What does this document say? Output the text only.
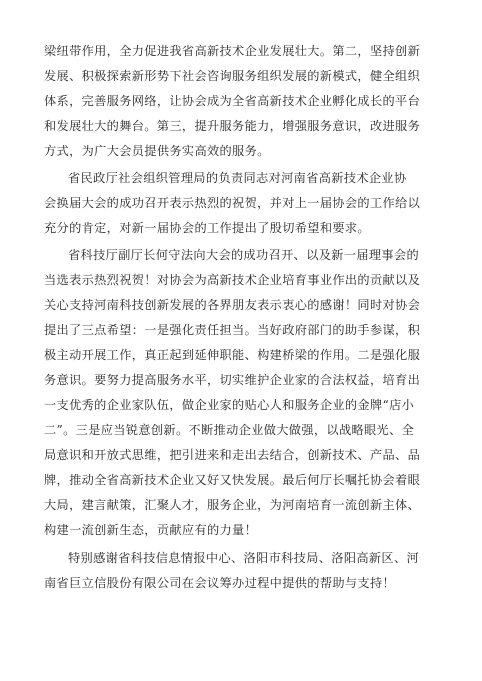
梁纽带作用，全力促进我省高新技术企业发展壮大。第二，坚持创新

发展、积极探索新形势下社会咨询服务组织发展的新模式，健全组织

体系，完善服务网络，让协会成为全省高新技术企业孵化成长的平台

和发展壮大的舞台。第三，提升服务能力，增强服务意识，改进服务

方式，为广大会员提供务实高效的服务。

省民政厅社会组织管理局的负责同志对河南省高新技术企业协

会换届大会的成功召开表示热烈的祝贺，并对上一届协会的工作给以

充分的肯定，对新一届协会的工作提出了殷切希望和要求。

省科技厅副厅长何守法向大会的成功召开、以及新一届理事会的

当选表示热烈祝贺！对协会为高新技术企业培育事业作出的贡献以及

关心支持河南科技创新发展的各界朋友表示衷心的感谢！同时对协会

提出了三点希望：一是强化责任担当。当好政府部门的助手参谋，积

极主动开展工作，真正起到延伸职能、构建桥梁的作用。二是强化服

务意识。要努力提高服务水平，切实维护企业家的合法权益，培育出

一支优秀的企业家队伍，做企业家的贴心人和服务企业的金牌“店小

二”。三是应当锐意创新。不断推动企业做大做强，以战略眼光、全

局意识和开放式思维，把引进来和走出去结合，创新技术、产品、品

牌，推动全省高新技术企业又好又快发展。最后何厅长嘱托协会着眼

大局，建言献策，汇聚人才，服务企业，为河南培育一流创新主体、

构建一流创新生态，贡献应有的力量！

特别感谢省科技信息情报中心、洛阳市科技局、洛阳高新区、河

南省巨立信股份有限公司在会议筹办过程中提供的帮助与支持！
